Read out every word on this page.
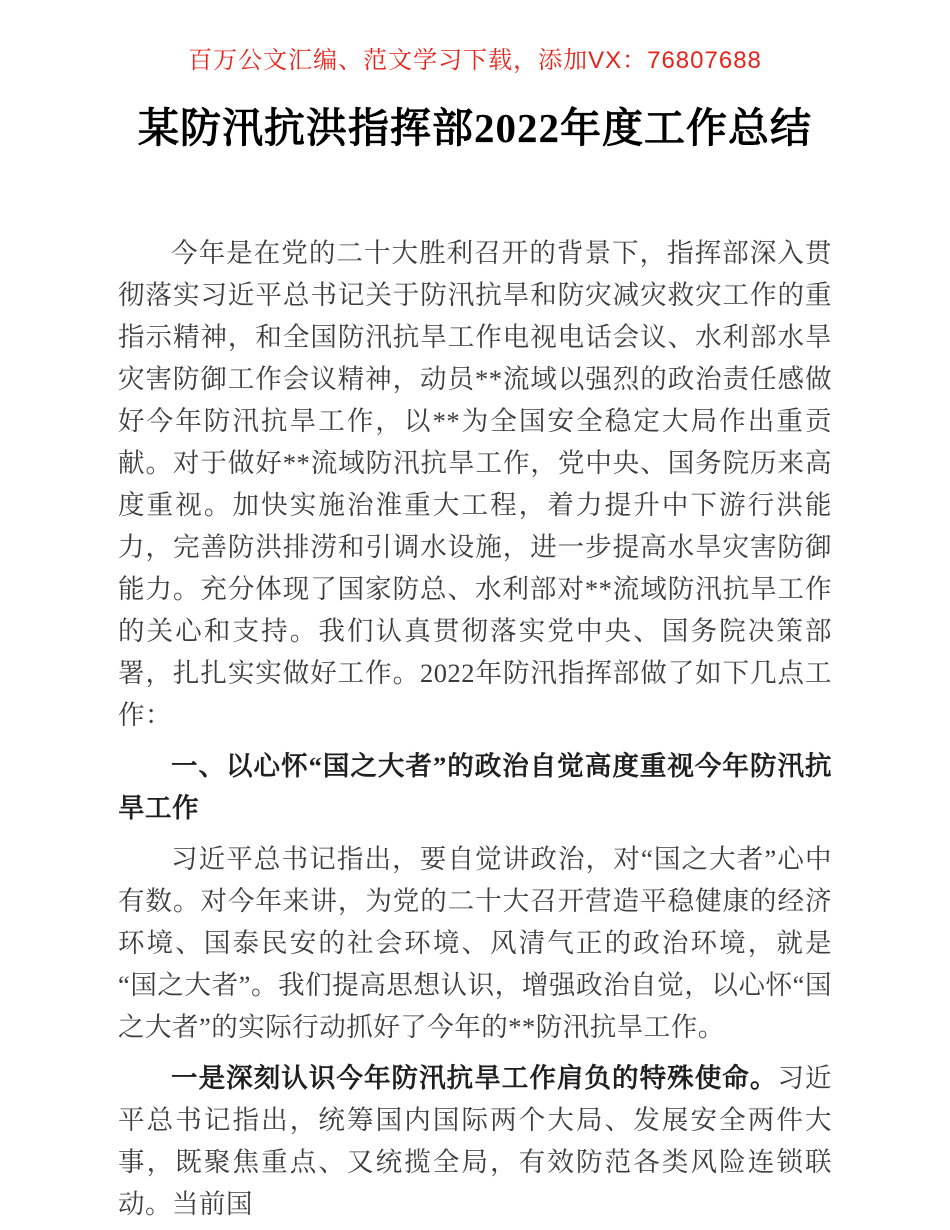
百万公文汇编、范文学习下载，添加VX：76807688
某防汛抗洪指挥部2022年度工作总结

今年是在党的二十大胜利召开的背景下，指挥部深入贯彻落实习近平总书记关于防汛抗旱和防灾减灾救灾工作的重指示精神，和全国防汛抗旱工作电视电话会议、水利部水旱灾害防御工作会议精神，动员**流域以强烈的政治责任感做好今年防汛抗旱工作，以**为全国安全稳定大局作出重贡献。对于做好**流域防汛抗旱工作，党中央、国务院历来高度重视。加快实施治淮重大工程，着力提升中下游行洪能力，完善防洪排涝和引调水设施，进一步提高水旱灾害防御能力。充分体现了国家防总、水利部对**流域防汛抗旱工作的关心和支持。我们认真贯彻落实党中央、国务院决策部署，扎扎实实做好工作。2022年防汛指挥部做了如下几点工作：

一、以心怀“国之大者”的政治自觉高度重视今年防汛抗旱工作

习近平总书记指出，要自觉讲政治，对“国之大者”心中有数。对今年来讲，为党的二十大召开营造平稳健康的经济环境、国泰民安的社会环境、风清气正的政治环境，就是“国之大者”。我们提高思想认识，增强政治自觉，以心怀“国之大者”的实际行动抓好了今年的**防汛抗旱工作。

一是深刻认识今年防汛抗旱工作肩负的特殊使命。习近平总书记指出，统筹国内国际两个大局、发展安全两件大事，既聚焦重点、又统揽全局，有效防范各类风险连锁联动。当前国
